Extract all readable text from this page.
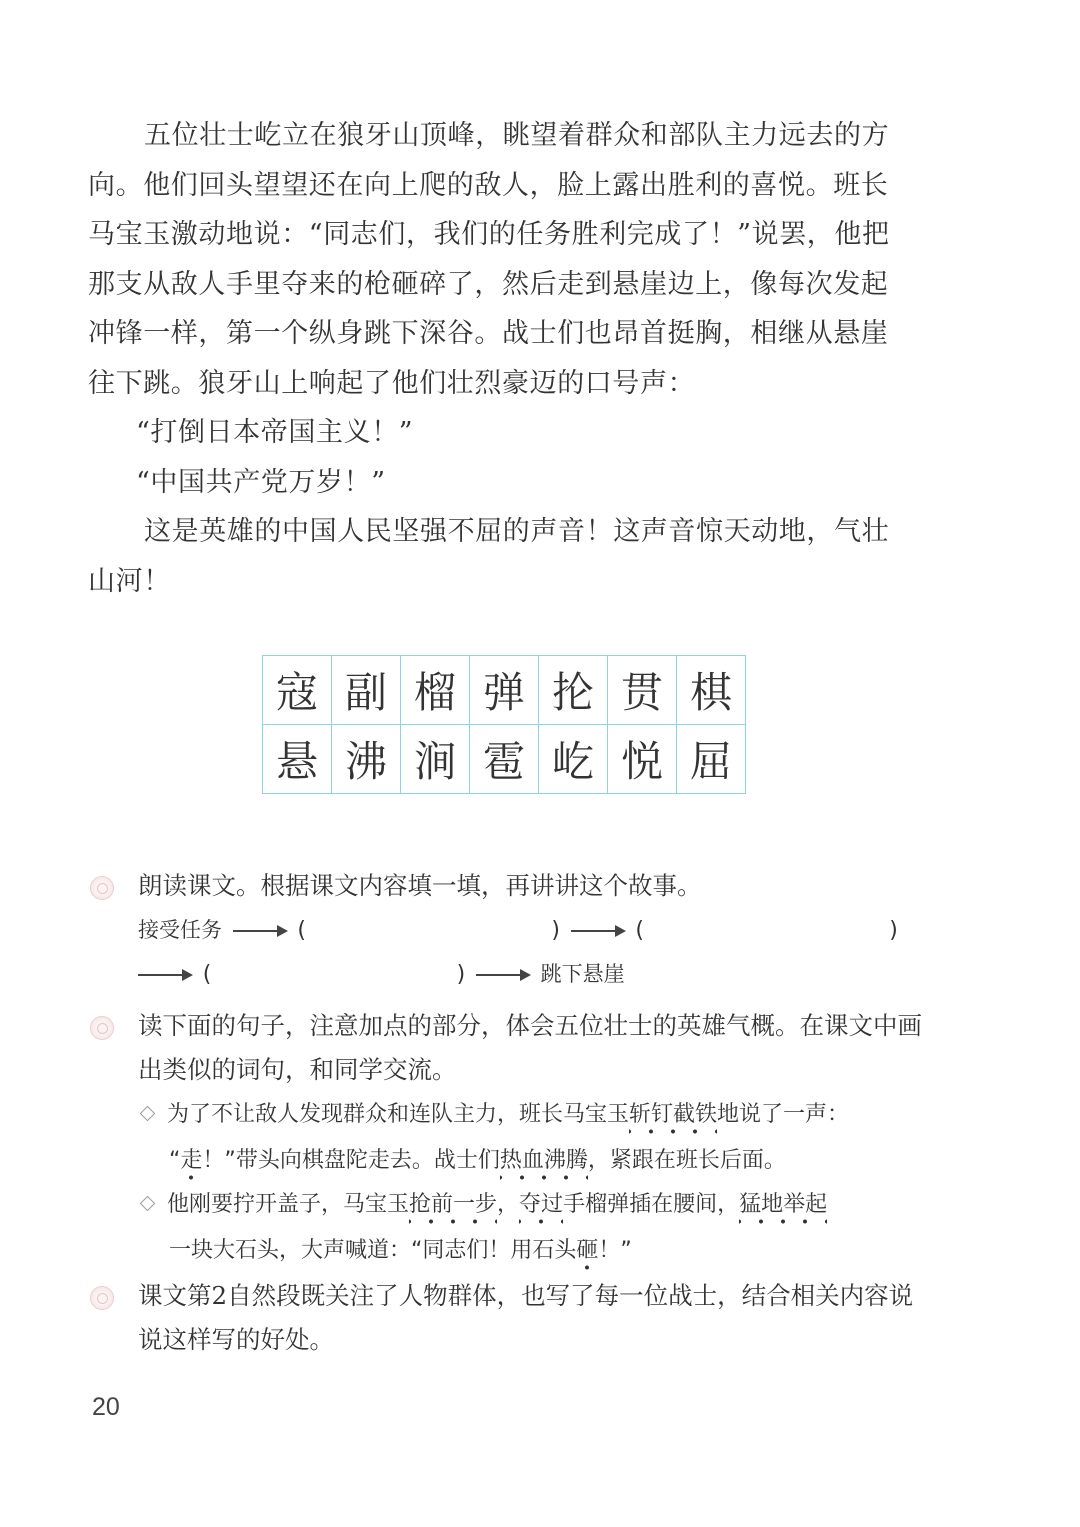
五位壮士屹立在狼牙山顶峰，眺望着群众和部队主力远去的方
向。他们回头望望还在向上爬的敌人，脸上露出胜利的喜悦。班长
马宝玉激动地说：“同志们，我们的任务胜利完成了！”说罢，他把
那支从敌人手里夺来的枪砸碎了，然后走到悬崖边上，像每次发起
冲锋一样，第一个纵身跳下深谷。战士们也昂首挺胸，相继从悬崖
往下跳。狼牙山上响起了他们壮烈豪迈的口号声：
“打倒日本帝国主义！”
“中国共产党万岁！”
这是英雄的中国人民坚强不屈的声音！这声音惊天动地，气壮
山河！
寇	副	榴	弹	抡	贯	棋
悬	沸	涧	雹	屹	悦	屈
朗读课文。根据课文内容填一填，再讲讲这个故事。
接受任务	(	)	(	)
(	)	跳下悬崖
读下面的句子，注意加点的部分，体会五位壮士的英雄气概。在课文中画
出类似的词句，和同学交流。
为了不让敌人发现群众和连队主力，班长马宝玉斩钉截铁地说了一声：
“走！”带头向棋盘陀走去。战士们热血沸腾，紧跟在班长后面。
他刚要拧开盖子，马宝玉抢前一步，夺过手榴弹插在腰间，猛地举起
一块大石头，大声喊道：“同志们！用石头砸！”
课文第2自然段既关注了人物群体，也写了每一位战士，结合相关内容说
说这样写的好处。
20
